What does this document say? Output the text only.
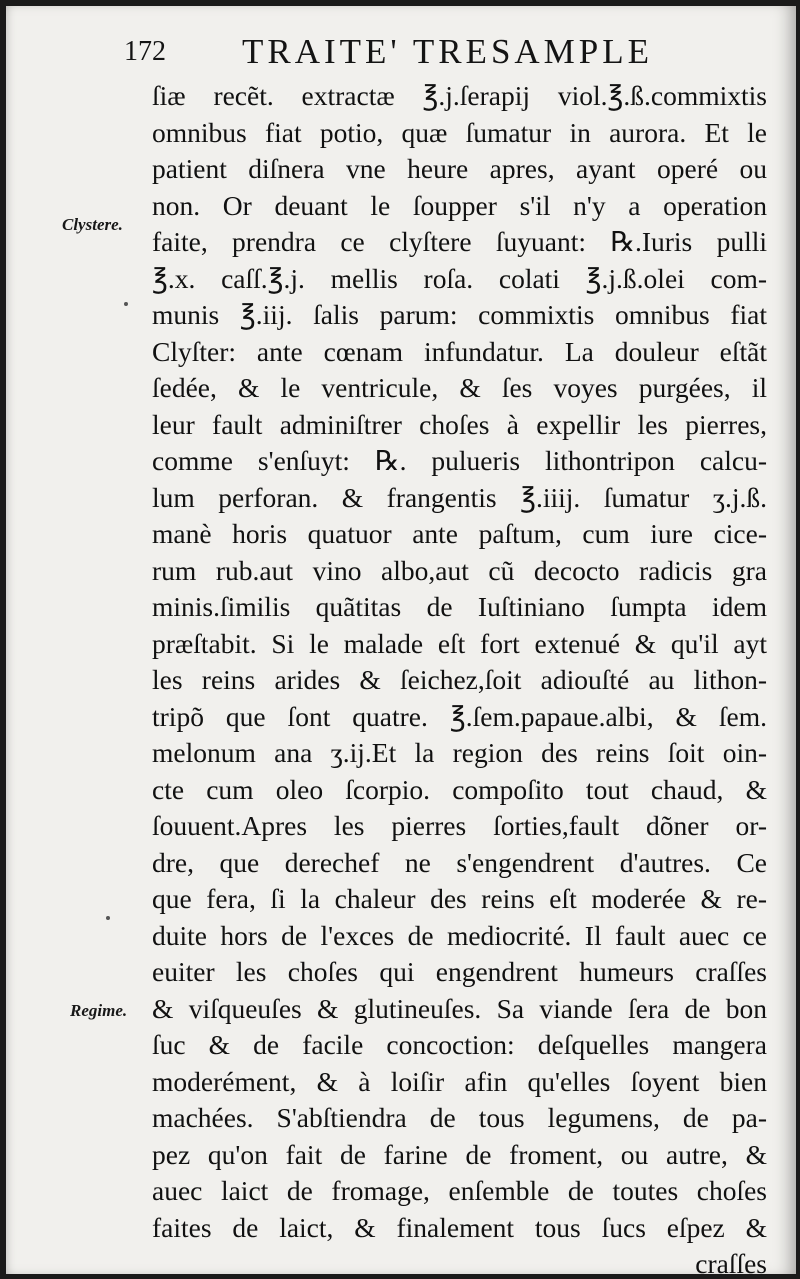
172 TRAITE' TRESAMPLE
Clystere.
Regime.
ſiæ recẽt. extractæ ℥.j.ſerapij viol.℥.ß.commixtis
omnibus fiat potio, quæ ſumatur in aurora. Et le
patient diſnera vne heure apres, ayant operé ou
non. Or deuant le ſoupper s'il n'y a operation
faite, prendra ce clyſtere ſuyuant: ℞.Iuris pulli
℥.x. caſſ.℥.j. mellis roſa. colati ℥.j.ß.olei com-
munis ℥.iij. ſalis parum: commixtis omnibus fiat
Clyſter: ante cœnam infundatur. La douleur eſtãt
ſedée, & le ventricule, & ſes voyes purgées, il
leur fault adminiſtrer choſes à expellir les pierres,
comme s'enſuyt: ℞. pulueris lithontripon calcu-
lum perforan. & frangentis ℥.iiij. ſumatur ʒ.j.ß.
manè horis quatuor ante paſtum, cum iure cice-
rum rub.aut vino albo,aut cũ decocto radicis gra
minis.ſimilis quãtitas de Iuſtiniano ſumpta idem
præſtabit. Si le malade eſt fort extenué & qu'il ayt
les reins arides & ſeichez,ſoit adiouſté au lithon-
tripõ que ſont quatre. ℥.ſem.papaue.albi, & ſem.
melonum ana ʒ.ij.Et la region des reins ſoit oin-
cte cum oleo ſcorpio. compoſito tout chaud, &
ſouuent.Apres les pierres ſorties,fault dõner or-
dre, que derechef ne s'engendrent d'autres. Ce
que fera, ſi la chaleur des reins eſt moderée & re-
duite hors de l'exces de mediocrité. Il fault auec ce
euiter les choſes qui engendrent humeurs craſſes
& viſqueuſes & glutineuſes. Sa viande ſera de bon
ſuc & de facile concoction: deſquelles mangera
moderément, & à loiſir afin qu'elles ſoyent bien
machées. S'abſtiendra de tous legumens, de pa-
pez qu'on fait de farine de froment, ou autre, &
auec laict de fromage, enſemble de toutes choſes
faites de laict, & finalement tous ſucs eſpez &
craſſes
